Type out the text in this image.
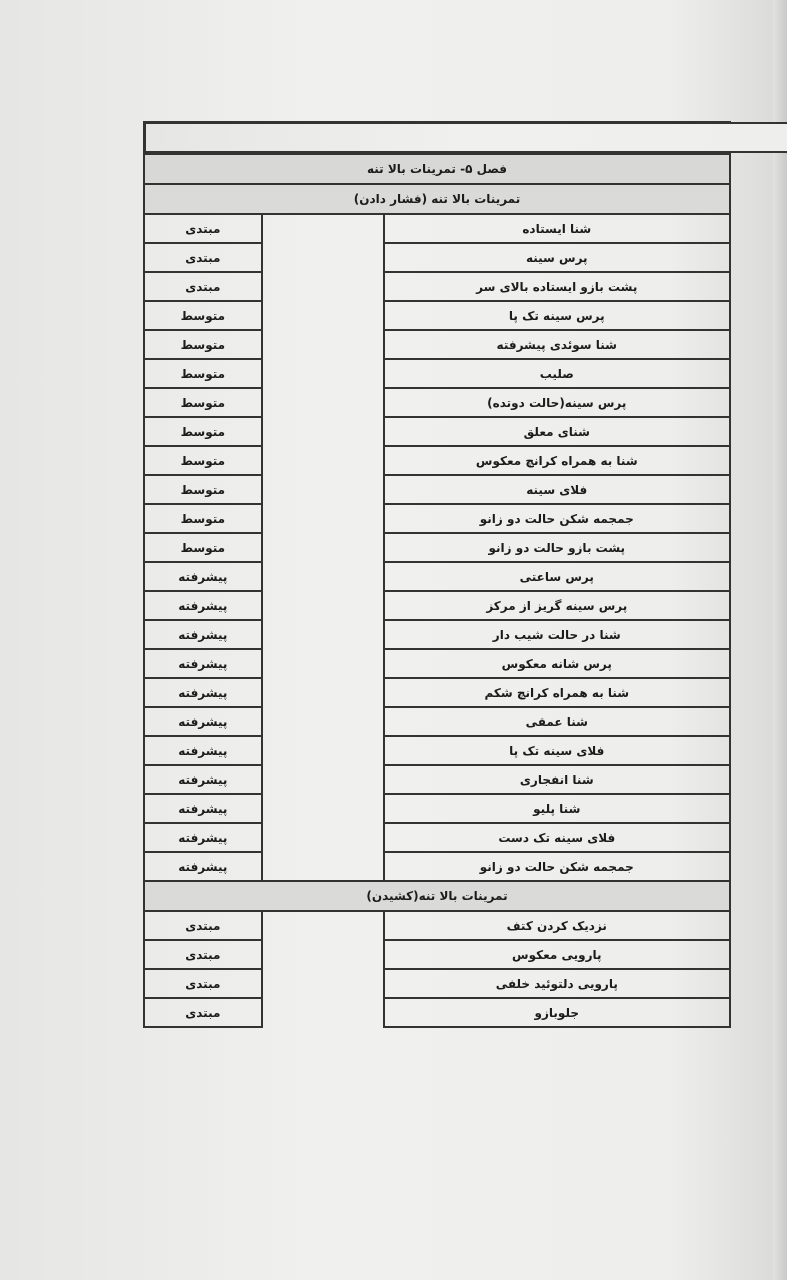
فصل ۵- تمرینات بالا تنه		
تمرینات بالا تنه (فشار دادن)		
شنا ایستاده	مبتدی
پرس سینه	مبتدی
پشت بازو ایستاده بالای سر	مبتدی
پرس سینه تک پا	متوسط
شنا سوئدی پیشرفته	متوسط
صلیب	متوسط
پرس سینه(حالت دوتده)	متوسط
شنای معلق	متوسط
شنا به همراه کرانچ معکوس	متوسط
فلای سینه	متوسط
جمجمه شکن حالت دو زانو	متوسط
پشت بازو حالت دو زانو	متوسط
پرس ساعتی	پیشرفته
پرس سینه گریز از مرکز	پیشرفته
شنا در حالت شیب دار	پیشرفته
پرس شانه معکوس	پیشرفته
شنا به همراه کرانچ شکم	پیشرفته
شنا عمقی	پیشرفته
فلای سینه تک پا	پیشرفته
شنا انفجاری	پیشرفته
شنا پلیو	پیشرفته
فلای سینه تک دست	پیشرفته
جمجمه شکن حالت دو زانو	پیشرفته
تمرینات بالا تنه(کشیدن)		
نزدیک کردن کتف	مبتدی
پارویی معکوس	مبتدی
پارویی دلتوئید خلفی	مبتدی
جلوبازو	مبتدی
